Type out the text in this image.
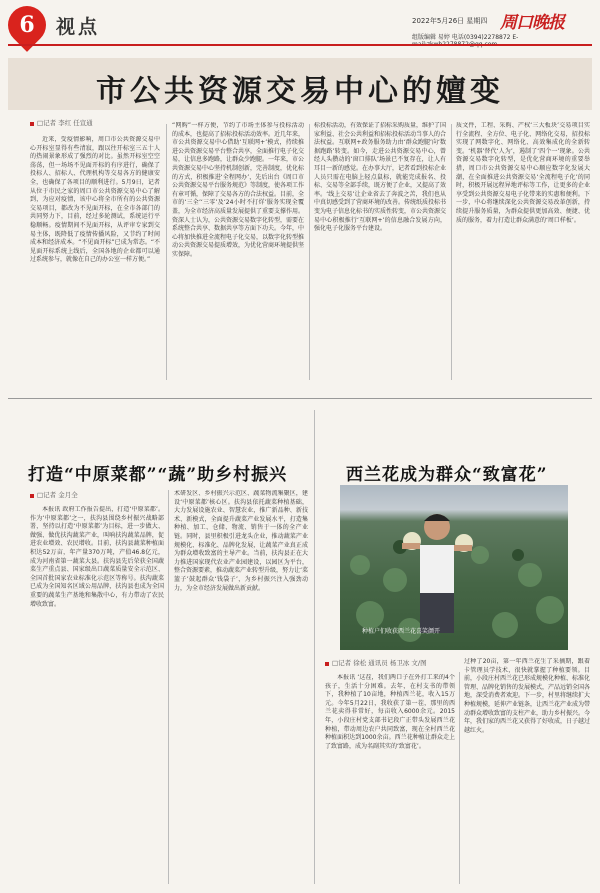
6	视点	2022年5月26日 星期四 周口晚报
组版编辑 易婷 电话(0394)2278872 E-
市公共资源交易中心的嬗变
□记者 李红 任宣通
近来，受疫情影响，周口市公共资源交易中心开标室显得有些清寂，跟以往开标室三五十人的热闹景象形成了强烈的对比。虽然开标室空空荡荡，但一场场不见面开标的有序进行，确保了投标人、招标人、代理机构等交易各方的健康安全，也确保了各项目的顺利进行。5月9日，记者从位于市民之家的周口市公共资源交易中心了解到，为应对疫情，该中心将全市所有的公共资源交易项目，都改为不见面开标，在全市各部门的共同努力下，目前，经过多轮测试，系统运行平稳顺畅。疫情期间不见面开标，从评审专家到交易主体，既降低了疫情传播风险，又节约了时间成本和经济成本。“不见面开标”已成为常态。“不见面开标系统上线后，全国各地的企业都可以通过系统参与，就像在自己的办公室一样方便。”
“网购”一样方便，节约了市场主体参与投标活动的成本，也提高了招标投标活动效率。近几年来，市公共资源交易中心借助‘互联网+’模式，持续推进公共资源交易平台整合共享，全面推行电子化交易，让信息多跑路，让群众少跑腿。一年来，市公共资源交易中心坚持机制创新，完善制度，优化标的方式，积极推进‘全程网办’，先后出台《周口市公共资源交易平台服务规范》等制度，使各项工作有章可循，保障了交易各方的合法权益。目前，全市的‘三全’‘三零’及‘24小时不打烊’服务实现全覆盖，为全市经济高质量发展提供了重要支撑作用。资深人士认为，公共资源交易数字化转型，需要在系统整合共享、数据共享等方面下功夫。今年，中心将加快推进全流程电子化交易，以数字化转型推动公共资源交易提质增效，为优化营商环境提供坚实保障。
标投标活动，有效保证了招标采购质量，维护了国家利益、社会公共利益和招标投标活动当事人的合法权益。互联网+政务服务助力由‘群众跑腿’向‘数据跑路’转变。如今，走进公共资源交易中心，曾经人头攒动的‘窗口排队’场景已不复存在，让人有耳目一新的感觉。在办事大厅，记者看到投标企业人员只需在电脑上轻点鼠标，就能完成报名、投标、交易等全部手续，既方便了企业，又提高了效率。‘线上交易’让企业省去了奔波之苦，我们也从中真切感受到了营商环境的改善。传统纸质投标书变为电子信息化标书的实质性转变，市公共资源交易中心积极推行‘互联网+’的信息融合发展方向，强化电子化服务平台建设。
质文件，工程、采购、产权‘三大板块’交易项目实行全流程、全方位、电子化、网络化交易，招投标实现了网数字化、网络化、高效集成化的全新转变。‘机器’替代‘人为’，遏制了‘四个一’现象。公共资源交易数字化转型，是优化营商环境的重要举措，周口市公共资源交易中心顺应数字化发展大潮，在全面推进公共资源交易‘全流程电子化’的同时，积极开展远程异地评标等工作，让更多的企业享受到公共资源交易电子化带来的实惠和便利。下一步，中心将继续深化公共资源交易改革创新，持续提升服务质量，为群众提供更加高效、便捷、优质的服务，着力打造让群众满意的‘周口样板’。
打造“中原菜都”“蔬”助乡村振兴
□记者 金月全
本报讯 政府工作报告提出，打造‘中原菜都’。作为‘中原菜都’之一，扶沟县围绕乡村振兴战略部署，坚持以打造‘中原菜都’为目标，进一步做大、做强、做优扶沟蔬菜产业，叫响扶沟蔬菜品牌，促进农业增效、农民增收。目前，扶沟县蔬菜种植面积达52万亩，年产量370万吨，产值46.8亿元，成为河南省第一蔬菜大县。扶沟县先后荣获全国蔬菜生产重点县、国家级出口蔬菜质量安全示范区、全国首批国家农业标准化示范区等称号。扶沟蔬菜已成为全国知名区域公用品牌，扶沟县也成为全国重要的蔬菜生产基地和集散中心，有力带动了农民增收致富。
术研发区、乡村振兴示范区、蔬菜物流集聚区，建设‘中原菜都’核心区。扶沟县依托蔬菜种植基础，大力发展设施农业、智慧农业，推广新品种、新技术、新模式，全面提升蔬菜产业发展水平，打造集种植、加工、仓储、物流、销售于一体的全产业链。同时，县里积极引进龙头企业，推动蔬菜产业规模化、标准化、品牌化发展，让蔬菜产业真正成为群众增收致富的主导产业。当前，扶沟县正在大力推进国家现代农业产业园建设，以园区为平台，整合资源要素，推动蔬菜产业转型升级，努力让‘菜篮子’鼓起群众‘钱袋子’，为乡村振兴注入强劲动力，为全市经济发展做出新贡献。
西兰花成为群众“致富花”
种植户们收获西兰花喜笑颜开
□记者 徐松 通讯员 杨卫冰 文/图
本报讯 ‘这茬，我们两口子在外打工来的4个孩子，生活十分困难。去年，在村支书的带领下，我种植了10亩地，种植西兰花，收入15万元。今年5月22日，我收获了第一茬，那里的西兰花卖得非常好，每亩收入6000余元。2015年，小段庄村党支部书记段广正带头发展西兰花种植，带动周边农户共同致富，现在全村西兰花种植面积达到1000余亩。西兰花种植让群众走上了致富路，成为名副其实的‘致富花’。
过种了20亩，第一年西兰花生了采摘期，跟着卡管理员学技术，很快就掌握了种植要领。目前，小段庄村西兰花已形成规模化种植、标准化管理、品牌化销售的发展模式，产品远销全国各地，深受消费者欢迎。下一步，村里将继续扩大种植规模，延伸产业链条，让西兰花产业成为带动群众增收致富的支柱产业，助力乡村振兴。今年，我们家的西兰花又获得了好收成，日子越过越红火。
